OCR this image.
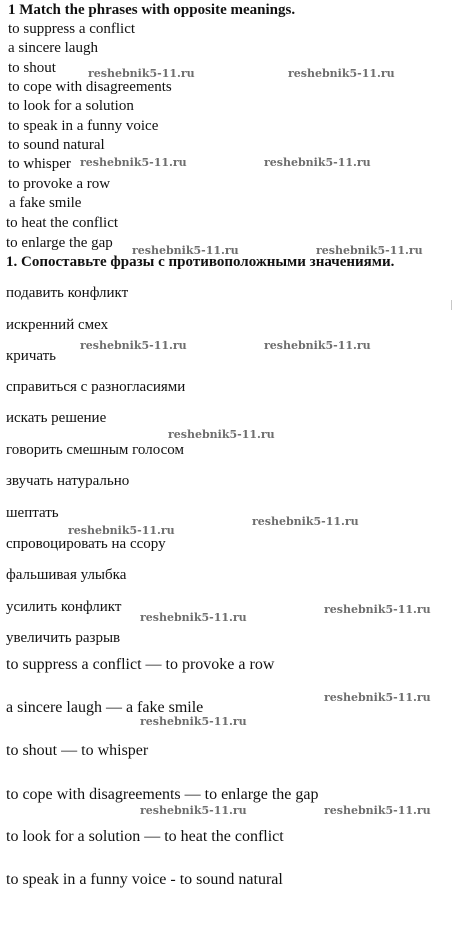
1 Match the phrases with opposite meanings.
to suppress a conflict
a sincere laugh
to shout
to cope with disagreements
to look for a solution
to speak in a funny voice
to sound natural
to whisper
to provoke a row
a fake smile
to heat the conflict
to enlarge the gap
1. Сопоставьте фразы с противоположными значениями.
подавить конфликт
искренний смех
кричать
справиться с разногласиями
искать решение
говорить смешным голосом
звучать натурально
шептать
спровоцировать на ссору
фальшивая улыбка
усилить конфликт
увеличить разрыв
to suppress a conflict — to provoke a row
a sincere laugh — a fake smile
to shout — to whisper
to cope with disagreements — to enlarge the gap
to look for a solution — to heat the conflict
to speak in a funny voice - to sound natural
reshebnik5-11.ru	reshebnik5-11.ru
reshebnik5-11.ru	reshebnik5-11.ru
reshebnik5-11.ru	reshebnik5-11.ru
reshebnik5-11.ru	reshebnik5-11.ru
reshebnik5-11.ru
reshebnik5-11.ru
reshebnik5-11.ru
reshebnik5-11.ru
reshebnik5-11.ru
reshebnik5-11.ru
reshebnik5-11.ru
reshebnik5-11.ru	reshebnik5-11.ru
